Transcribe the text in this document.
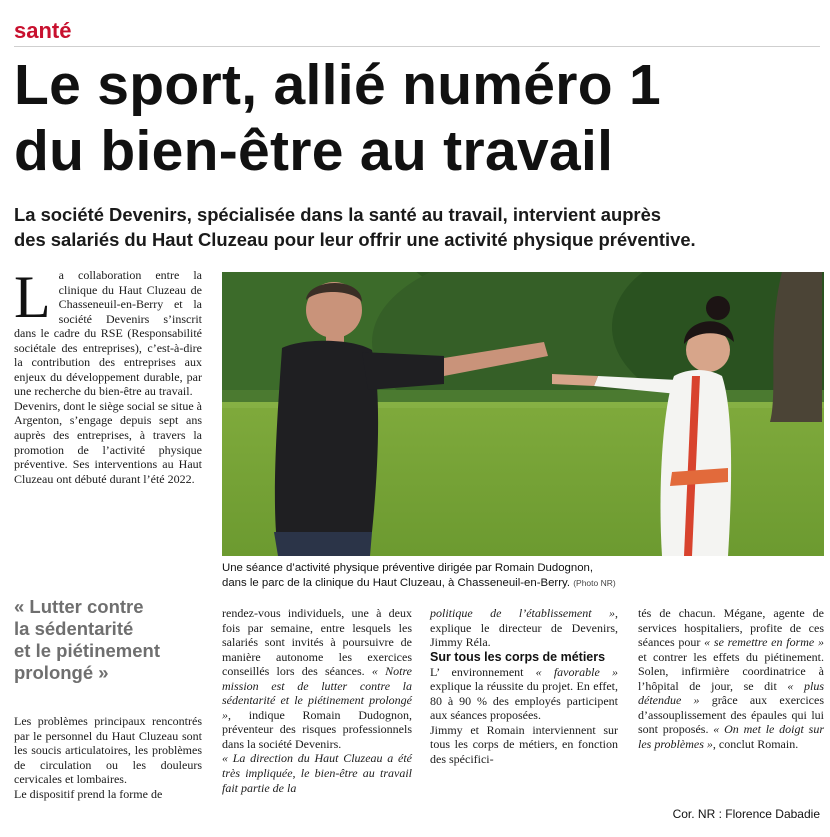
santé
Le sport, allié numéro 1
du bien-être au travail
La société Devenirs, spécialisée dans la santé au travail, intervient auprès
des salariés du Haut Cluzeau pour leur offrir une activité physique préventive.

La collaboration entre la clinique du Haut Cluzeau de Chasseneuil-en-Berry et la société Devenirs s’inscrit dans le cadre du RSE (Responsabilité sociétale des entreprises), c’est-à-dire la contribution des entreprises aux enjeux du développement durable, par une recherche du bien-être au travail.

Devenirs, dont le siège social se situe à Argenton, s’engage depuis sept ans auprès des entreprises, à travers la promotion de l’activité physique préventive. Ses interventions au Haut Cluzeau ont débuté durant l’été 2022.

Une séance d’activité physique préventive dirigée par Romain Dudognon,
dans le parc de la clinique du Haut Cluzeau, à Chasseneuil-en-Berry. (Photo NR)
« Lutter contre
la sédentarité
et le piétinement
prolongé »

Les problèmes principaux rencontrés par le personnel du Haut Cluzeau sont les soucis articulatoires, les problèmes de circulation ou les douleurs cervicales et lombaires.

Le dispositif prend la forme de

rendez-vous individuels, une à deux fois par semaine, entre lesquels les salariés sont invités à poursuivre de manière autonome les exercices conseillés lors des séances. « Notre mission est de lutter contre la sédentarité et le piétinement prolongé », indique Romain Dudognon, préventeur des risques professionnels dans la société Devenirs.

« La direction du Haut Cluzeau a été très impliquée, le bien-être au travail fait partie de la

politique de l’établissement », explique le directeur de Devenirs, Jimmy Réla.

Sur tous les corps de métiers

L’ environnement « favorable » explique la réussite du projet. En effet, 80 à 90 % des employés participent aux séances proposées.

Jimmy et Romain interviennent sur tous les corps de métiers, en fonction des spécifici-

tés de chacun. Mégane, agente de services hospitaliers, profite de ces séances pour « se remettre en forme » et contrer les effets du piétinement. Solen, infirmière coordinatrice à l’hôpital de jour, se dit « plus détendue » grâce aux exercices d’assouplissement des épaules qui lui sont proposés. « On met le doigt sur les problèmes », conclut Romain.

Cor. NR : Florence Dabadie
